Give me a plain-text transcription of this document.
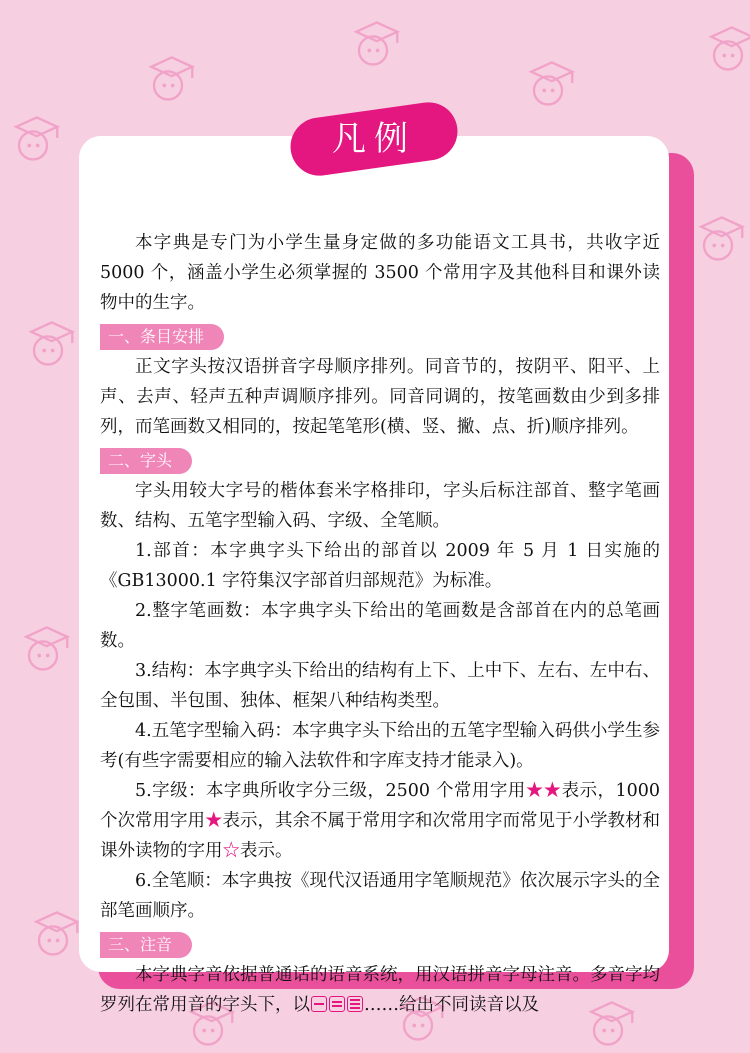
凡例

本字典是专门为小学生量身定做的多功能语文工具书，共收字近 5000 个，涵盖小学生必须掌握的 3500 个常用字及其他科目和课外读物中的生字。

一、条目安排

正文字头按汉语拼音字母顺序排列。同音节的，按阴平、阳平、上声、去声、轻声五种声调顺序排列。同音同调的，按笔画数由少到多排列，而笔画数又相同的，按起笔笔形(横、竖、撇、点、折)顺序排列。

二、字头

字头用较大字号的楷体套米字格排印，字头后标注部首、整字笔画数、结构、五笔字型输入码、字级、全笔顺。

1.部首：本字典字头下给出的部首以 2009 年 5 月 1 日实施的《GB13000.1 字符集汉字部首归部规范》为标准。

2.整字笔画数：本字典字头下给出的笔画数是含部首在内的总笔画数。

3.结构：本字典字头下给出的结构有上下、上中下、左右、左中右、全包围、半包围、独体、框架八种结构类型。

4.五笔字型输入码：本字典字头下给出的五笔字型输入码供小学生参考(有些字需要相应的输入法软件和字库支持才能录入)。

5.字级：本字典所收字分三级，2500 个常用字用★★表示，1000 个次常用字用★表示，其余不属于常用字和次常用字而常见于小学教材和课外读物的字用☆表示。

6.全笔顺：本字典按《现代汉语通用字笔顺规范》依次展示字头的全部笔画顺序。

三、注音

本字典字音依据普通话的语音系统，用汉语拼音字母注音。多音字均罗列在常用音的字头下，以	……给出不同读音以及
